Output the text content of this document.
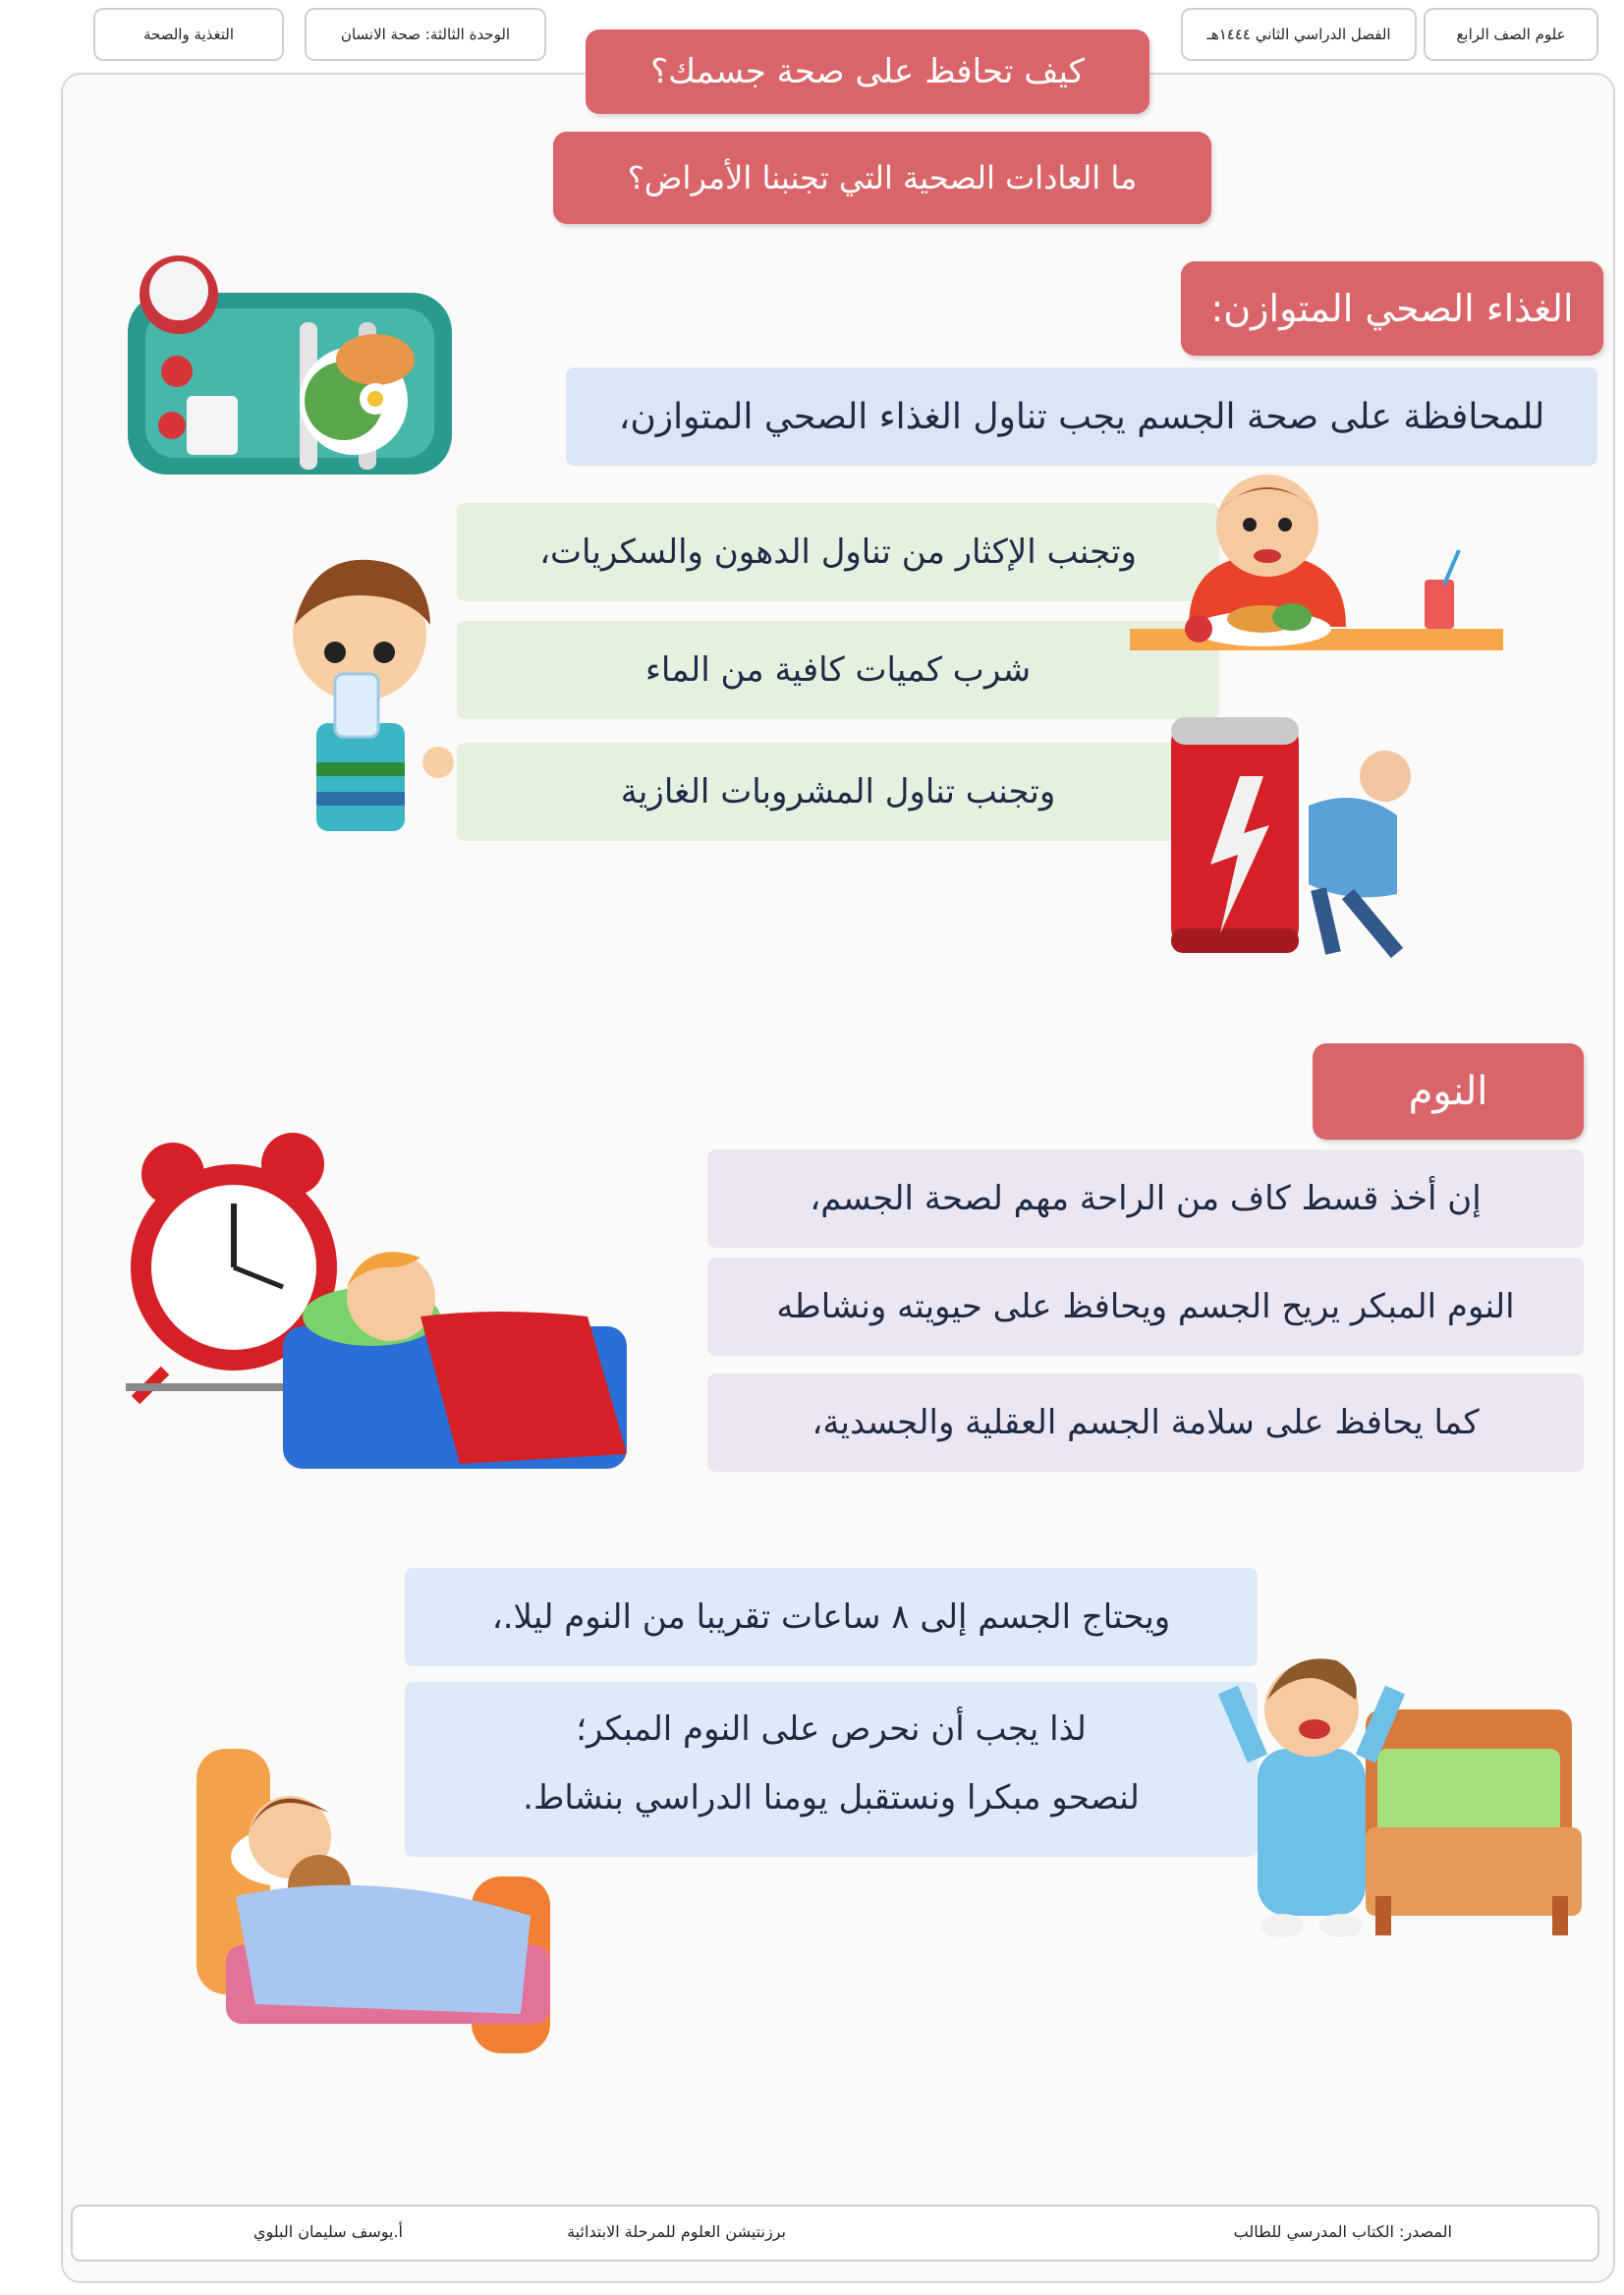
علوم الصف الرابع
الفصل الدراسي الثاني ١٤٤٤هـ
الوحدة الثالثة: صحة الانسان
التغذية والصحة
كيف تحافظ على صحة جسمك؟
ما العادات الصحية التي تجنبنا الأمراض؟
الغذاء الصحي المتوازن:
للمحافظة على صحة الجسم يجب تناول الغذاء الصحي المتوازن،
وتجنب الإكثار من تناول الدهون والسكريات،
شرب كميات كافية من الماء
وتجنب تناول المشروبات الغازية
النوم
إن أخذ قسط كاف من الراحة مهم لصحة الجسم،
النوم المبكر يريح الجسم ويحافظ على حيويته ونشاطه
كما يحافظ على سلامة الجسم العقلية والجسدية،
ويحتاج الجسم إلى ٨ ساعات تقريبا من النوم ليلا.،
لذا يجب أن نحرص على النوم المبكر؛
لنصحو مبكرا ونستقبل يومنا الدراسي بنشاط.
المصدر: الكتاب المدرسي للطالب
برزنتيشن العلوم للمرحلة الابتدائية
أ.يوسف سليمان البلوي
